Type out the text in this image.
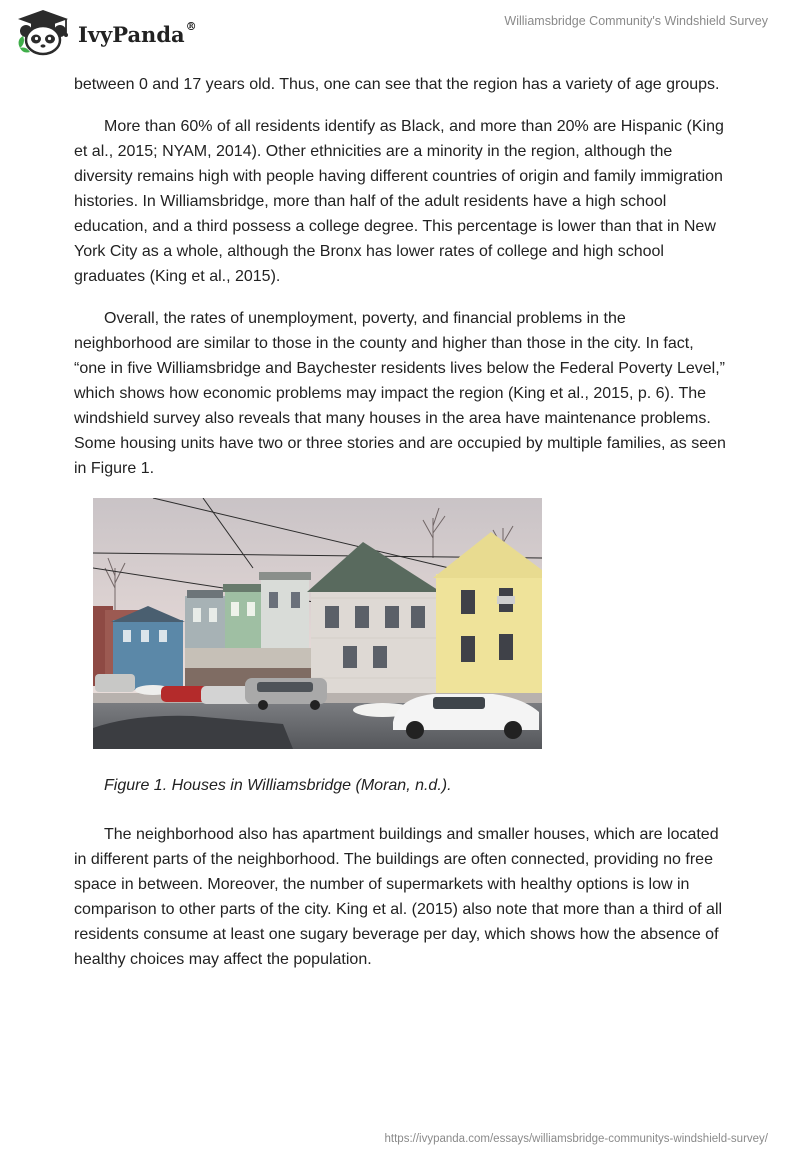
IvyPanda®	Williamsbridge Community's Windshield Survey

between 0 and 17 years old. Thus, one can see that the region has a variety of age groups.

More than 60% of all residents identify as Black, and more than 20% are Hispanic (King et al., 2015; NYAM, 2014). Other ethnicities are a minority in the region, although the diversity remains high with people having different countries of origin and family immigration histories. In Williamsbridge, more than half of the adult residents have a high school education, and a third possess a college degree. This percentage is lower than that in New York City as a whole, although the Bronx has lower rates of college and high school graduates (King et al., 2015).

Overall, the rates of unemployment, poverty, and financial problems in the neighborhood are similar to those in the county and higher than those in the city. In fact, “one in five Williamsbridge and Baychester residents lives below the Federal Poverty Level,” which shows how economic problems may impact the region (King et al., 2015, p. 6). The windshield survey also reveals that many houses in the area have maintenance problems. Some housing units have two or three stories and are occupied by multiple families, as seen in Figure 1.

Figure 1. Houses in Williamsbridge (Moran, n.d.).

The neighborhood also has apartment buildings and smaller houses, which are located in different parts of the neighborhood. The buildings are often connected, providing no free space in between. Moreover, the number of supermarkets with healthy options is low in comparison to other parts of the city. King et al. (2015) also note that more than a third of all residents consume at least one sugary beverage per day, which shows how the absence of healthy choices may affect the population.

https://ivypanda.com/essays/williamsbridge-communitys-windshield-survey/
